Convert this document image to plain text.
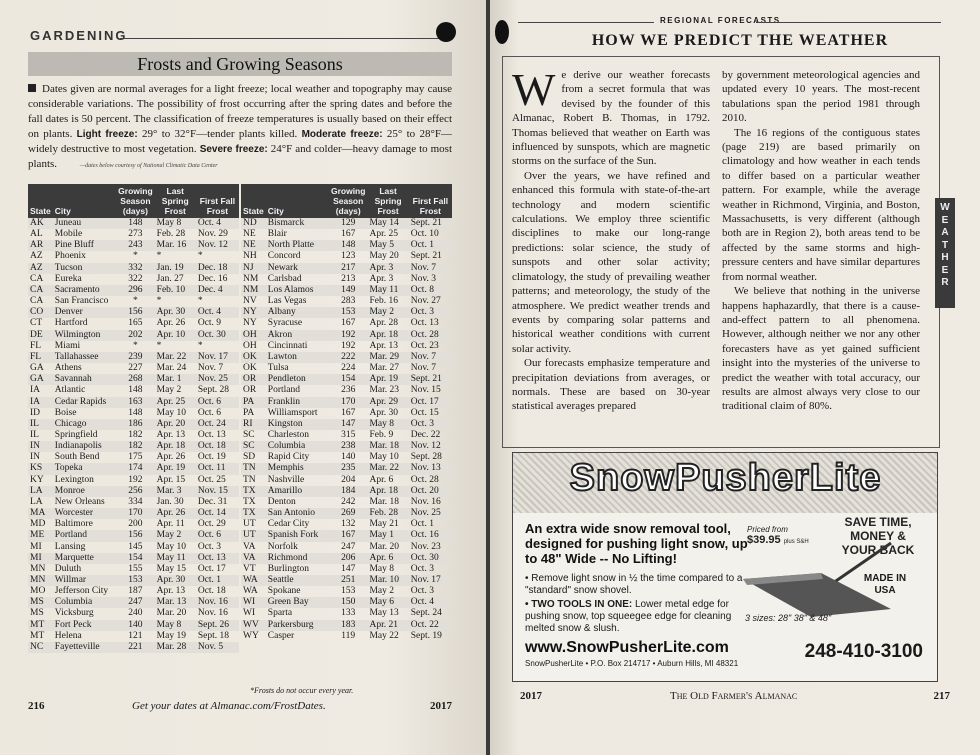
GARDENING
Frosts and Growing Seasons
Dates given are normal averages for a light freeze; local weather and topography may cause considerable variations. The possibility of frost occurring after the spring dates and before the fall dates is 50 percent. The classification of freeze temperatures is usually based on their effect on plants. Light freeze: 29° to 32°F—tender plants killed. Moderate freeze: 25° to 28°F—widely destructive to most vegetation. Severe freeze: 24°F and colder—heavy damage to most plants.	—dates below courtesy of National Climatic Data Center
State	City	Growing Season (days)	Last Spring Frost	First Fall Frost
AK	Juneau	148	May 8	Oct. 4
AL	Mobile	273	Feb. 28	Nov. 29
AR	Pine Bluff	243	Mar. 16	Nov. 12
AZ	Phoenix	*	*	*
AZ	Tucson	332	Jan. 19	Dec. 18
CA	Eureka	322	Jan. 27	Dec. 16
CA	Sacramento	296	Feb. 10	Dec. 4
CA	San Francisco	*	*	*
CO	Denver	156	Apr. 30	Oct. 4
CT	Hartford	165	Apr. 26	Oct. 9
DE	Wilmington	202	Apr. 10	Oct. 30
FL	Miami	*	*	*
FL	Tallahassee	239	Mar. 22	Nov. 17
GA	Athens	227	Mar. 24	Nov. 7
GA	Savannah	268	Mar. 1	Nov. 25
IA	Atlantic	148	May 2	Sept. 28
IA	Cedar Rapids	163	Apr. 25	Oct. 6
ID	Boise	148	May 10	Oct. 6
IL	Chicago	186	Apr. 20	Oct. 24
IL	Springfield	182	Apr. 13	Oct. 13
IN	Indianapolis	182	Apr. 18	Oct. 18
IN	South Bend	175	Apr. 26	Oct. 19
KS	Topeka	174	Apr. 19	Oct. 11
KY	Lexington	192	Apr. 15	Oct. 25
LA	Monroe	256	Mar. 3	Nov. 15
LA	New Orleans	334	Jan. 30	Dec. 31
MA	Worcester	170	Apr. 26	Oct. 14
MD	Baltimore	200	Apr. 11	Oct. 29
ME	Portland	156	May 2	Oct. 6
MI	Lansing	145	May 10	Oct. 3
MI	Marquette	154	May 11	Oct. 13
MN	Duluth	155	May 15	Oct. 17
MN	Willmar	153	Apr. 30	Oct. 1
MO	Jefferson City	187	Apr. 13	Oct. 18
MS	Columbia	247	Mar. 13	Nov. 16
MS	Vicksburg	240	Mar. 20	Nov. 16
MT	Fort Peck	140	May 8	Sept. 26
MT	Helena	121	May 19	Sept. 18
NC	Fayetteville	221	Mar. 28	Nov. 5
State	City	Growing Season (days)	Last Spring Frost	First Fall Frost
ND	Bismarck	129	May 14	Sept. 21
NE	Blair	167	Apr. 25	Oct. 10
NE	North Platte	148	May 5	Oct. 1
NH	Concord	123	May 20	Sept. 21
NJ	Newark	217	Apr. 3	Nov. 7
NM	Carlsbad	213	Apr. 3	Nov. 3
NM	Los Alamos	149	May 11	Oct. 8
NV	Las Vegas	283	Feb. 16	Nov. 27
NY	Albany	153	May 2	Oct. 3
NY	Syracuse	167	Apr. 28	Oct. 13
OH	Akron	192	Apr. 18	Oct. 28
OH	Cincinnati	192	Apr. 13	Oct. 23
OK	Lawton	222	Mar. 29	Nov. 7
OK	Tulsa	224	Mar. 27	Nov. 7
OR	Pendleton	154	Apr. 19	Sept. 21
OR	Portland	236	Mar. 23	Nov. 15
PA	Franklin	170	Apr. 29	Oct. 17
PA	Williamsport	167	Apr. 30	Oct. 15
RI	Kingston	147	May 8	Oct. 3
SC	Charleston	315	Feb. 9	Dec. 22
SC	Columbia	238	Mar. 18	Nov. 12
SD	Rapid City	140	May 10	Sept. 28
TN	Memphis	235	Mar. 22	Nov. 13
TN	Nashville	204	Apr. 6	Oct. 28
TX	Amarillo	184	Apr. 18	Oct. 20
TX	Denton	242	Mar. 18	Nov. 16
TX	San Antonio	269	Feb. 28	Nov. 25
UT	Cedar City	132	May 21	Oct. 1
UT	Spanish Fork	167	May 1	Oct. 16
VA	Norfolk	247	Mar. 20	Nov. 23
VA	Richmond	206	Apr. 6	Oct. 30
VT	Burlington	147	May 8	Oct. 3
WA	Seattle	251	Mar. 10	Nov. 17
WA	Spokane	153	May 2	Oct. 3
WI	Green Bay	150	May 6	Oct. 4
WI	Sparta	133	May 13	Sept. 24
WV	Parkersburg	183	Apr. 21	Oct. 22
WY	Casper	119	May 22	Sept. 19
*Frosts do not occur every year.
216	Get your dates at Almanac.com/FrostDates.	2017
REGIONAL FORECASTS
HOW WE PREDICT THE WEATHER

We derive our weather forecasts from a secret formula that was devised by the founder of this Almanac, Robert B. Thomas, in 1792. Thomas believed that weather on Earth was influenced by sunspots, which are magnetic storms on the surface of the Sun.

Over the years, we have refined and enhanced this formula with state-of-the-art technology and modern scientific calculations. We employ three scientific disciplines to make our long-range predictions: solar science, the study of sunspots and other solar activity; climatology, the study of prevailing weather patterns; and meteorology, the study of the atmosphere. We predict weather trends and events by comparing solar patterns and historical weather conditions with current solar activity.

Our forecasts emphasize temperature and precipitation deviations from averages, or normals. These are based on 30-year statistical averages prepared

by government meteorological agencies and updated every 10 years. The most-recent tabulations span the period 1981 through 2010.

The 16 regions of the contiguous states (page 219) are based primarily on climatology and how weather in each tends to differ based on a particular weather pattern. For example, while the average weather in Richmond, Virginia, and Boston, Massachusetts, is very different (although both are in Region 2), both areas tend to be affected by the same storms and high-pressure centers and have similar departures from normal weather.

We believe that nothing in the universe happens haphazardly, that there is a cause-and-effect pattern to all phenomena. However, although neither we nor any other forecasters have as yet gained sufficient insight into the mysteries of the universe to predict the weather with total accuracy, our results are almost always very close to our traditional claim of 80%.

W
E
A
T
H
E
R
SnowPusherLite
An extra wide snow removal tool, designed for pushing light snow, up to 48" Wide -- No Lifting!
• Remove light snow in ½ the time compared to a "standard" snow shovel.
• TWO TOOLS IN ONE: Lower metal edge for pushing snow, top squeegee edge for cleaning melted snow & slush.
Priced from
$39.95 plus S&H
SAVE TIME, MONEY & YOUR BACK
MADE IN USA
3 sizes: 28" 38" & 48"
www.SnowPusherLite.com
SnowPusherLite • P.O. Box 214717 • Auburn Hills, MI 48321
248-410-3100
2017	The Old Farmer's Almanac	217
